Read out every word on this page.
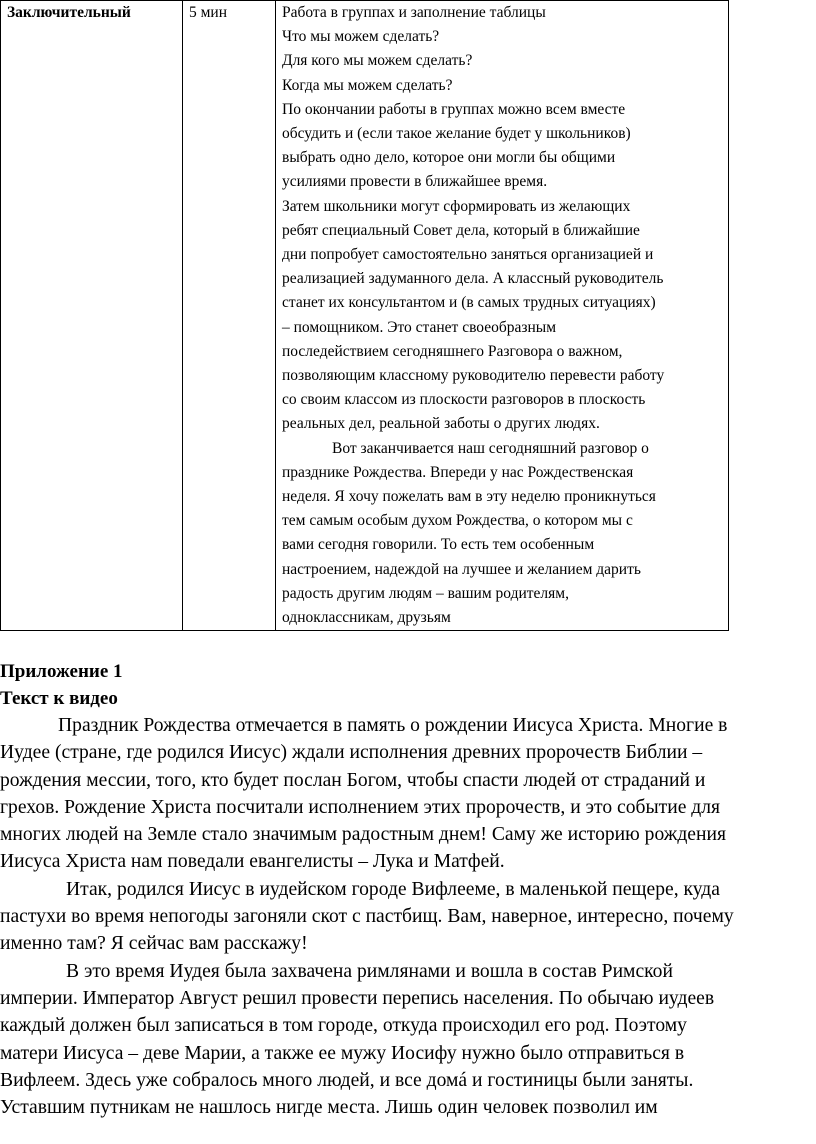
Заключительный	5 мин	Работа в группах и заполнение таблицы
Что мы можем сделать?
Для кого мы можем сделать?
Когда мы можем сделать?
По окончании работы в группах можно всем вместе
обсудить и (если такое желание будет у школьников)
выбрать одно дело, которое они могли бы общими
усилиями провести в ближайшее время.
Затем школьники могут сформировать из желающих
ребят специальный Совет дела, который в ближайшие
дни попробует самостоятельно заняться организацией и
реализацией задуманного дела. А классный руководитель
станет их консультантом и (в самых трудных ситуациях)
– помощником. Это станет своеобразным
последействием сегодняшнего Разговора о важном,
позволяющим классному руководителю перевести работу
со своим классом из плоскости разговоров в плоскость
реальных дел, реальной заботы о других людях.
Вот заканчивается наш сегодняшний разговор о
празднике Рождества. Впереди у нас Рождественская
неделя. Я хочу пожелать вам в эту неделю проникнуться
тем самым особым духом Рождества, о котором мы с
вами сегодня говорили. То есть тем особенным
настроением, надеждой на лучшее и желанием дарить
радость другим людям – вашим родителям,
одноклассникам, друзьям

Приложение 1

Текст к видео

Праздник Рождества отмечается в память о рождении Иисуса Христа. Многие в
Иудее (стране, где родился Иисус) ждали исполнения древних пророчеств Библии –
рождения мессии, того, кто будет послан Богом, чтобы спасти людей от страданий и
грехов. Рождение Христа посчитали исполнением этих пророчеств, и это событие для
многих людей на Земле стало значимым радостным днем! Саму же историю рождения
Иисуса Христа нам поведали евангелисты – Лука и Матфей.
Итак, родился Иисус в иудейском городе Вифлееме, в маленькой пещере, куда
пастухи во время непогоды загоняли скот с пастбищ. Вам, наверное, интересно, почему
именно там? Я сейчас вам расскажу!
В это время Иудея была захвачена римлянами и вошла в состав Римской
империи. Император Август решил провести перепись населения. По обычаю иудеев
каждый должен был записаться в том городе, откуда происходил его род. Поэтому
матери Иисуса – деве Марии, а также ее мужу Иосифу нужно было отправиться в
Вифлеем. Здесь уже собралось много людей, и все домá и гостиницы были заняты.
Уставшим путникам не нашлось нигде места. Лишь один человек позволил им
